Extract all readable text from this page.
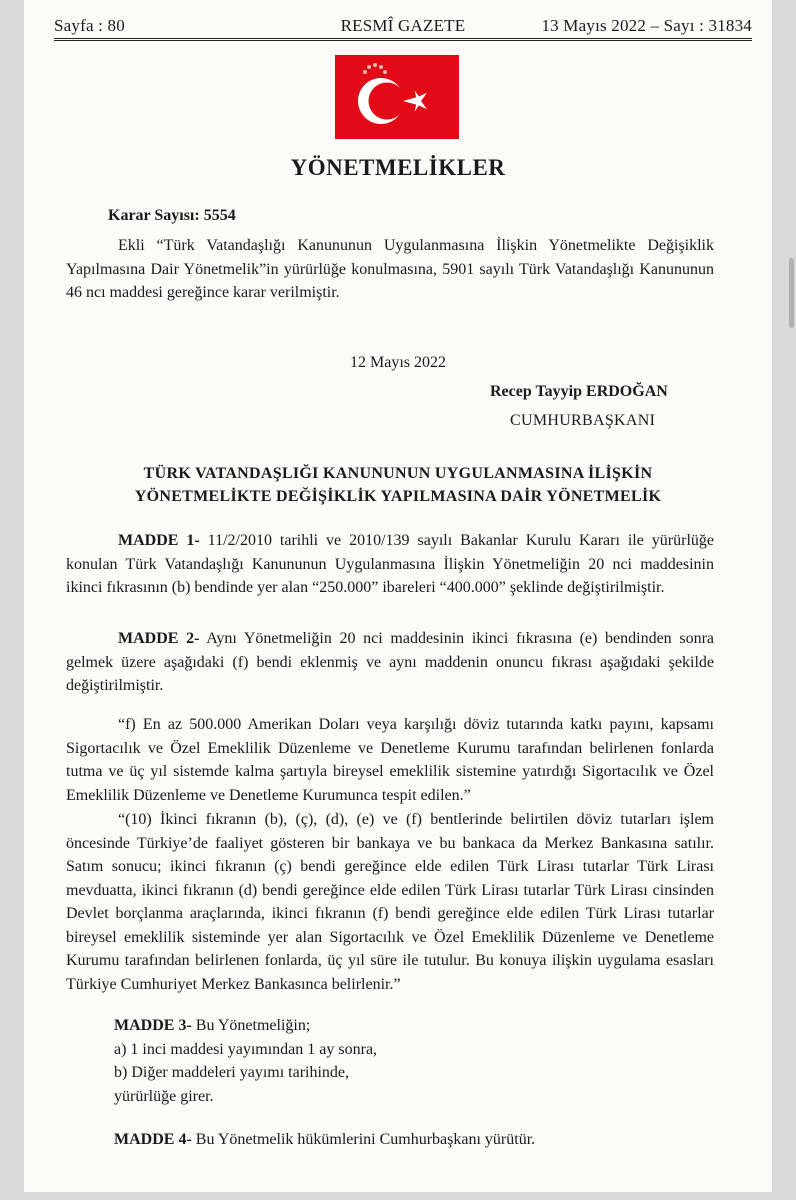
Sayfa : 80	RESMÎ GAZETE	13 Mayıs 2022 – Sayı : 31834
YÖNETMELİKLER
Karar Sayısı: 5554
Ekli “Türk Vatandaşlığı Kanununun Uygulanmasına İlişkin Yönetmelikte Değişiklik Yapılmasına Dair Yönetmelik”in yürürlüğe konulmasına, 5901 sayılı Türk Vatandaşlığı Kanununun 46 ncı maddesi gereğince karar verilmiştir.
12 Mayıs 2022
Recep Tayyip ERDOĞAN
CUMHURBAŞKANI
TÜRK VATANDAŞLIĞI KANUNUNUN UYGULANMASINA İLİŞKİN
YÖNETMELİKTE DEĞİŞİKLİK YAPILMASINA DAİR YÖNETMELİK
MADDE 1- 11/2/2010 tarihli ve 2010/139 sayılı Bakanlar Kurulu Kararı ile yürürlüğe konulan Türk Vatandaşlığı Kanununun Uygulanmasına İlişkin Yönetmeliğin 20 nci maddesinin ikinci fıkrasının (b) bendinde yer alan “250.000” ibareleri “400.000” şeklinde değiştirilmiştir.
MADDE 2- Aynı Yönetmeliğin 20 nci maddesinin ikinci fıkrasına (e) bendinden sonra gelmek üzere aşağıdaki (f) bendi eklenmiş ve aynı maddenin onuncu fıkrası aşağıdaki şekilde değiştirilmiştir.
“f) En az 500.000 Amerikan Doları veya karşılığı döviz tutarında katkı payını, kapsamı Sigortacılık ve Özel Emeklilik Düzenleme ve Denetleme Kurumu tarafından belirlenen fonlarda tutma ve üç yıl sistemde kalma şartıyla bireysel emeklilik sistemine yatırdığı Sigortacılık ve Özel Emeklilik Düzenleme ve Denetleme Kurumunca tespit edilen.”
“(10) İkinci fıkranın (b), (ç), (d), (e) ve (f) bentlerinde belirtilen döviz tutarları işlem öncesinde Türkiye’de faaliyet gösteren bir bankaya ve bu bankaca da Merkez Bankasına satılır. Satım sonucu; ikinci fıkranın (ç) bendi gereğince elde edilen Türk Lirası tutarlar Türk Lirası mevduatta, ikinci fıkranın (d) bendi gereğince elde edilen Türk Lirası tutarlar Türk Lirası cinsinden Devlet borçlanma araçlarında, ikinci fıkranın (f) bendi gereğince elde edilen Türk Lirası tutarlar bireysel emeklilik sisteminde yer alan Sigortacılık ve Özel Emeklilik Düzenleme ve Denetleme Kurumu tarafından belirlenen fonlarda, üç yıl süre ile tutulur. Bu konuya ilişkin uygulama esasları Türkiye Cumhuriyet Merkez Bankasınca belirlenir.”
MADDE 3- Bu Yönetmeliğin;
a) 1 inci maddesi yayımından 1 ay sonra,
b) Diğer maddeleri yayımı tarihinde,
yürürlüğe girer.
MADDE 4- Bu Yönetmelik hükümlerini Cumhurbaşkanı yürütür.
